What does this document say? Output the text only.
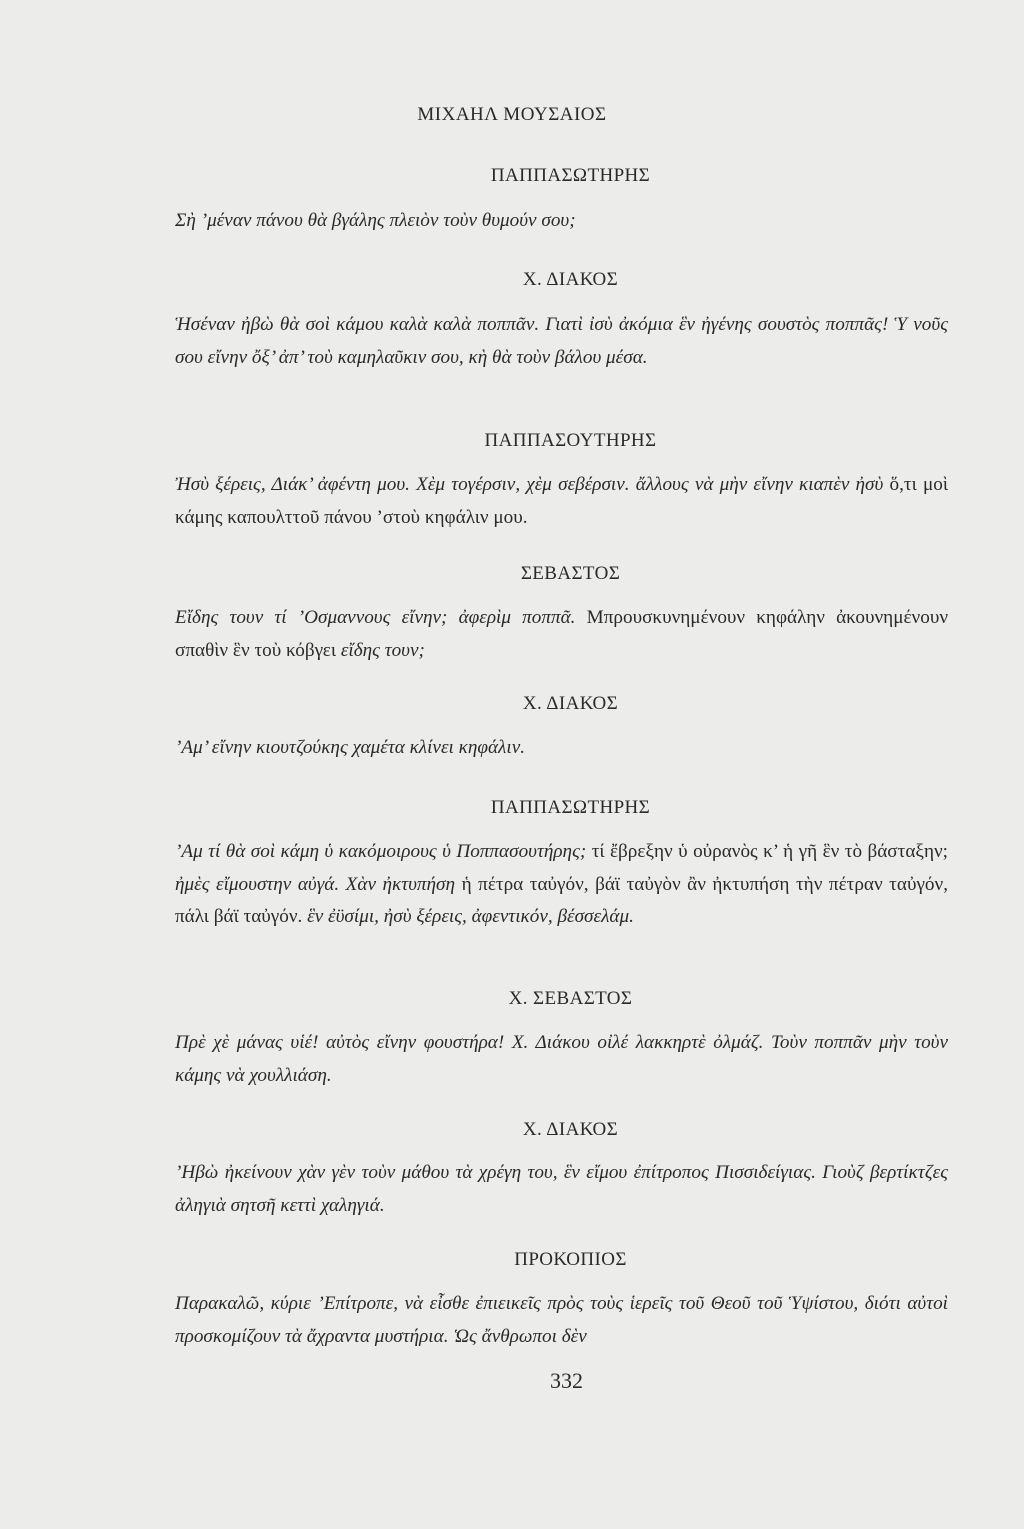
ΜΙΧΑΗΛ ΜΟΥΣΑΙΟΣ
ΠΑΠΠΑΣΩΤΗΡΗΣ
Σὴ ’μέναν πάνου θὰ βγάλης πλειὸν τοὺν θυμούν σου;
Χ. ΔΙΑΚΟΣ
Ἡσέναν ἠβὼ θὰ σοὶ κάμου καλὰ καλὰ ποππᾶν. Γιατὶ ἰσὺ ἀκόμια ἓν ἠγένης σουστὸς ποππᾶς! Ὑ νοῦς σου εἴνην ὄξ’ ἀπ’ τοὺ καμηλαῦκιν σου, κὴ θὰ τοὺν βάλου μέσα.
ΠΑΠΠΑΣΟΥΤΗΡΗΣ
Ἠσὺ ξέρεις, Διάκ’ ἀφέντη μου. Χὲμ τογέρσιν, χὲμ σεβέρσιν. ἄλλους νὰ μὴν εἴνην κιαπὲν ἠσὺ ὅ,τι μοὶ κάμης καπουλττοῦ πάνου ’στοὺ κηφάλιν μου.
ΣΕΒΑΣΤΟΣ
Εἴδης τουν τί ’Οσμαννους εἴνην; ἀφερὶμ ποππᾶ. Μπρουσκυνημένουν κηφάλην ἀκουνημένουν σπαθὶν ἓν τοὺ κόβγει εἴδης τουν;
Χ. ΔΙΑΚΟΣ
’Αμ’ εἴνην κιουτζούκης χαμέτα κλίνει κηφάλιν.
ΠΑΠΠΑΣΩΤΗΡΗΣ
’Αμ τί θὰ σοὶ κάμη ὑ κακόμοιρους ὑ Ποππασουτήρης; τί ἔβρεξην ὑ οὐρανὸς κ’ ἡ γῆ ἓν τὸ βάσταξην; ἠμὲς εἴμουστην αὐγά. Χὰν ἠκτυπήση ἡ πέτρα ταὐγόν, βάϊ ταὐγὸν ἂν ἠκτυπήση τὴν πέτραν ταὐγόν, πάλι βάϊ ταὐγόν. ἓν ἐϋσίμι, ἠσὺ ξέρεις, ἀφεντικόν, βέσσελάμ.
Χ. ΣΕΒΑΣΤΟΣ
Πρὲ χὲ μάνας υἱέ! αὐτὸς εἴνην φουστήρα! Χ. Διάκου οἰλέ λακκηρτὲ ὀλμάζ. Τοὺν ποππᾶν μὴν τοὺν κάμης νὰ χουλλιάση.
Χ. ΔΙΑΚΟΣ
’Ηβὼ ἠκείνουν χὰν γὲν τοὺν μάθου τὰ χρέγη του, ἓν εἴμου ἐπίτροπος Πισσιδείγιας. Γιοὺζ βερτίκτζες ἀληγιὰ σητσῆ κεττὶ χαληγιά.
ΠΡΟΚΟΠΙΟΣ
Παρακαλῶ, κύριε ’Επίτροπε, νὰ εἶσθε ἐπιεικεῖς πρὸς τοὺς ἱερεῖς τοῦ Θεοῦ τοῦ Ὑψίστου, διότι αὐτοὶ προσκομίζουν τὰ ἄχραντα μυστήρια. Ὡς ἄνθρωποι δὲν
332
